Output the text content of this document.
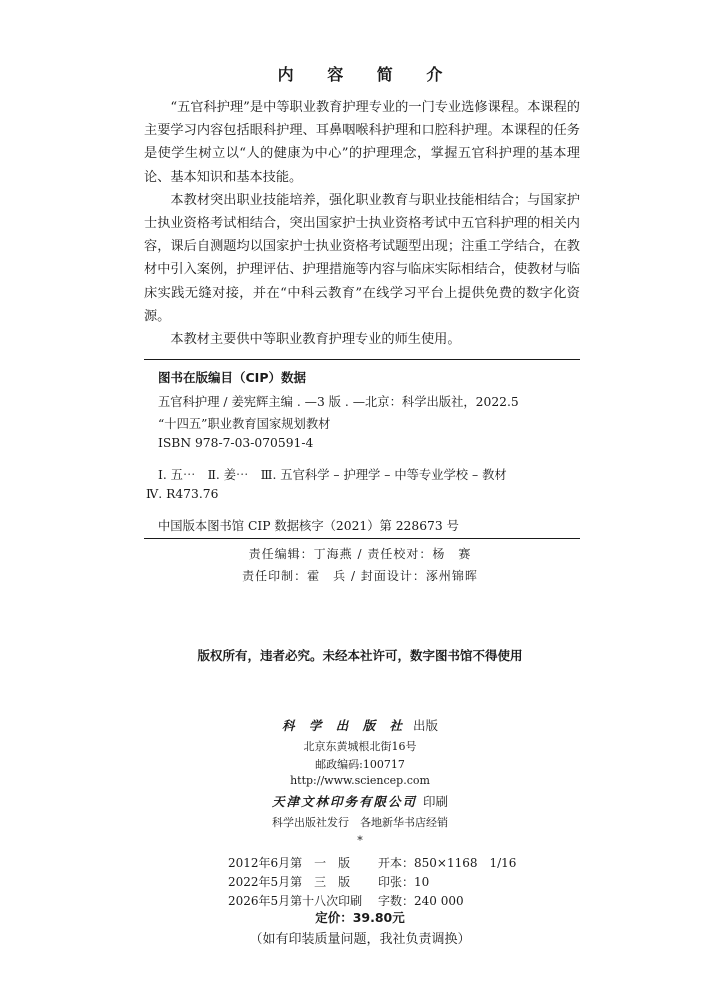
内 容 简 介

“五官科护理”是中等职业教育护理专业的一门专业选修课程。本课程的主要学习内容包括眼科护理、耳鼻咽喉科护理和口腔科护理。本课程的任务是使学生树立以“人的健康为中心”的护理理念，掌握五官科护理的基本理论、基本知识和基本技能。

本教材突出职业技能培养，强化职业教育与职业技能相结合；与国家护士执业资格考试相结合，突出国家护士执业资格考试中五官科护理的相关内容，课后自测题均以国家护士执业资格考试题型出现；注重工学结合，在教材中引入案例，护理评估、护理措施等内容与临床实际相结合，使教材与临床实践无缝对接，并在“中科云教育”在线学习平台上提供免费的数字化资源。

本教材主要供中等职业教育护理专业的师生使用。

图书在版编目（CIP）数据
五官科护理 / 姜宪辉主编 . —3 版 . —北京：科学出版社，2022.5
“十四五”职业教育国家规划教材
ISBN 978-7-03-070591-4
Ⅰ. 五⋯　Ⅱ. 姜⋯　Ⅲ. 五官科学 – 护理学 – 中等专业学校 – 教材
Ⅳ. R473.76
中国版本图书馆 CIP 数据核字（2021）第 228673 号
责任编辑：丁海燕 / 责任校对：杨　赛
责任印制：霍　兵 / 封面设计：涿州锦晖
版权所有，违者必究。未经本社许可，数字图书馆不得使用
科 学 出 版 社 出版
北京东黄城根北街16号
邮政编码:100717
http://www.sciencep.com
天津文林印务有限公司 印刷
科学出版社发行　各地新华书店经销
*
2012年6月第　一　版 开本：850×1168　1/16
2022年5月第　三　版 印张：10
2026年5月第十八次印刷 字数：240 000
定价：39.80元
（如有印装质量问题，我社负责调换）
